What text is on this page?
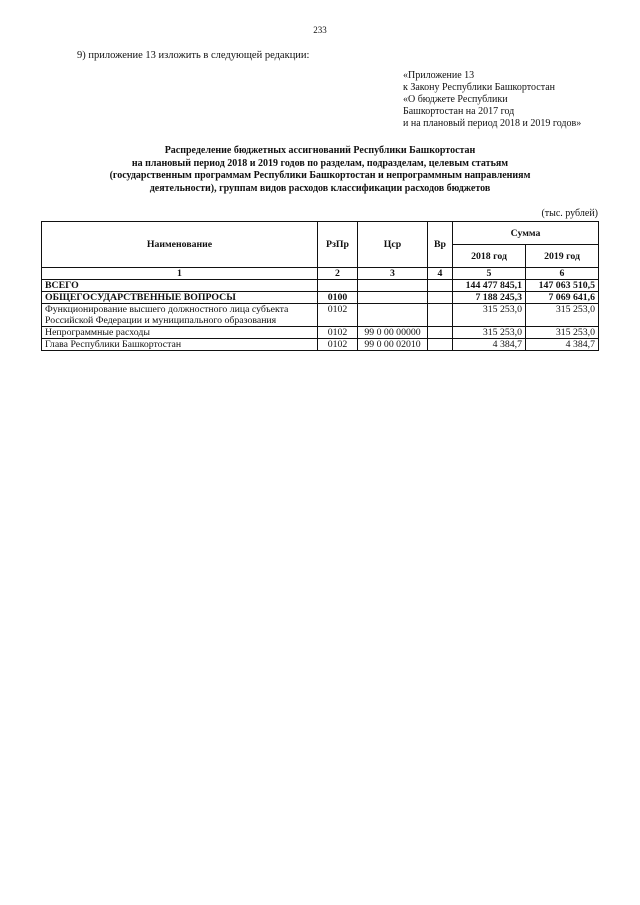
233
9) приложение 13 изложить в следующей редакции:
«Приложение 13
к Закону Республики Башкортостан
«О бюджете Республики
Башкортостан на 2017 год
и на плановый период 2018 и 2019 годов»
Распределение бюджетных ассигнований Республики Башкортостан
на плановый период 2018 и 2019 годов по разделам, подразделам, целевым статьям
(государственным программам Республики Башкортостан и непрограммным направлениям
деятельности), группам видов расходов классификации расходов бюджетов
(тыс. рублей)
Наименование	РзПр	Цср	Вр	Сумма	
				2018 год	2019 год
1	2	3	4	5	6
ВСЕГО				144 477 845,1	147 063 510,5
ОБЩЕГОСУДАРСТВЕННЫЕ ВОПРОСЫ	0100			7 188 245,3	7 069 641,6
Функционирование высшего должностного лица субъекта Российской Федерации и муниципального образования	0102			315 253,0	315 253,0
Непрограммные расходы	0102	99 0 00 00000		315 253,0	315 253,0
Глава Республики Башкортостан	0102	99 0 00 02010		4 384,7	4 384,7
